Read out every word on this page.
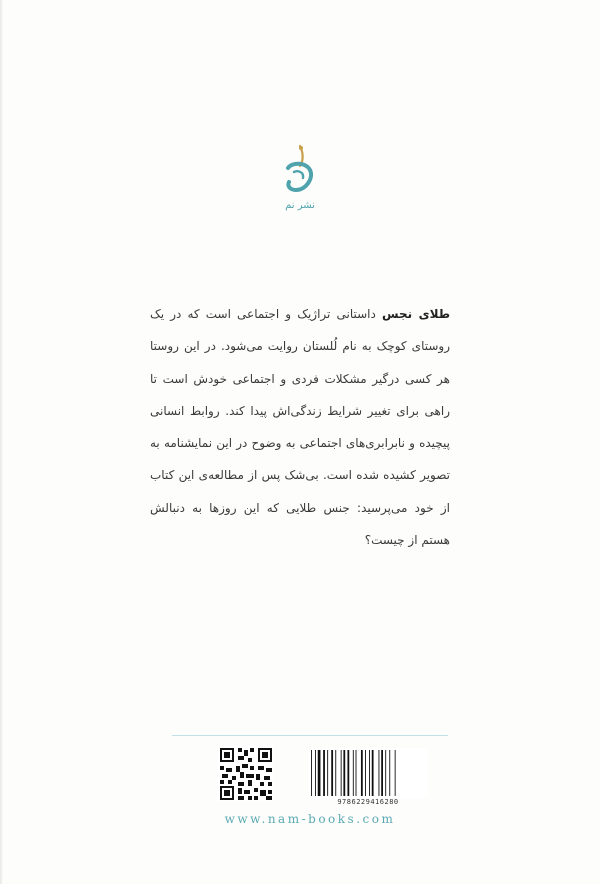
نشر نم
طلای نجس داستانی تراژیک و اجتماعی است که در یک روستای کوچک به نام لُلستان روایت می‌شود. در این روستا هر کسی درگیر مشکلات فردی و اجتماعی خودش است تا راهی برای تغییر شرایط زندگی‌اش پیدا کند. روابط انسانی پیچیده و نابرابری‌های اجتماعی به وضوح در این نمایشنامه به تصویر کشیده شده است. بی‌شک پس از مطالعه‌ی این کتاب از خود می‌پرسید: جنس طلایی که این روزها به دنبالش هستم از چیست؟
9786229416280
www.nam-books.com
